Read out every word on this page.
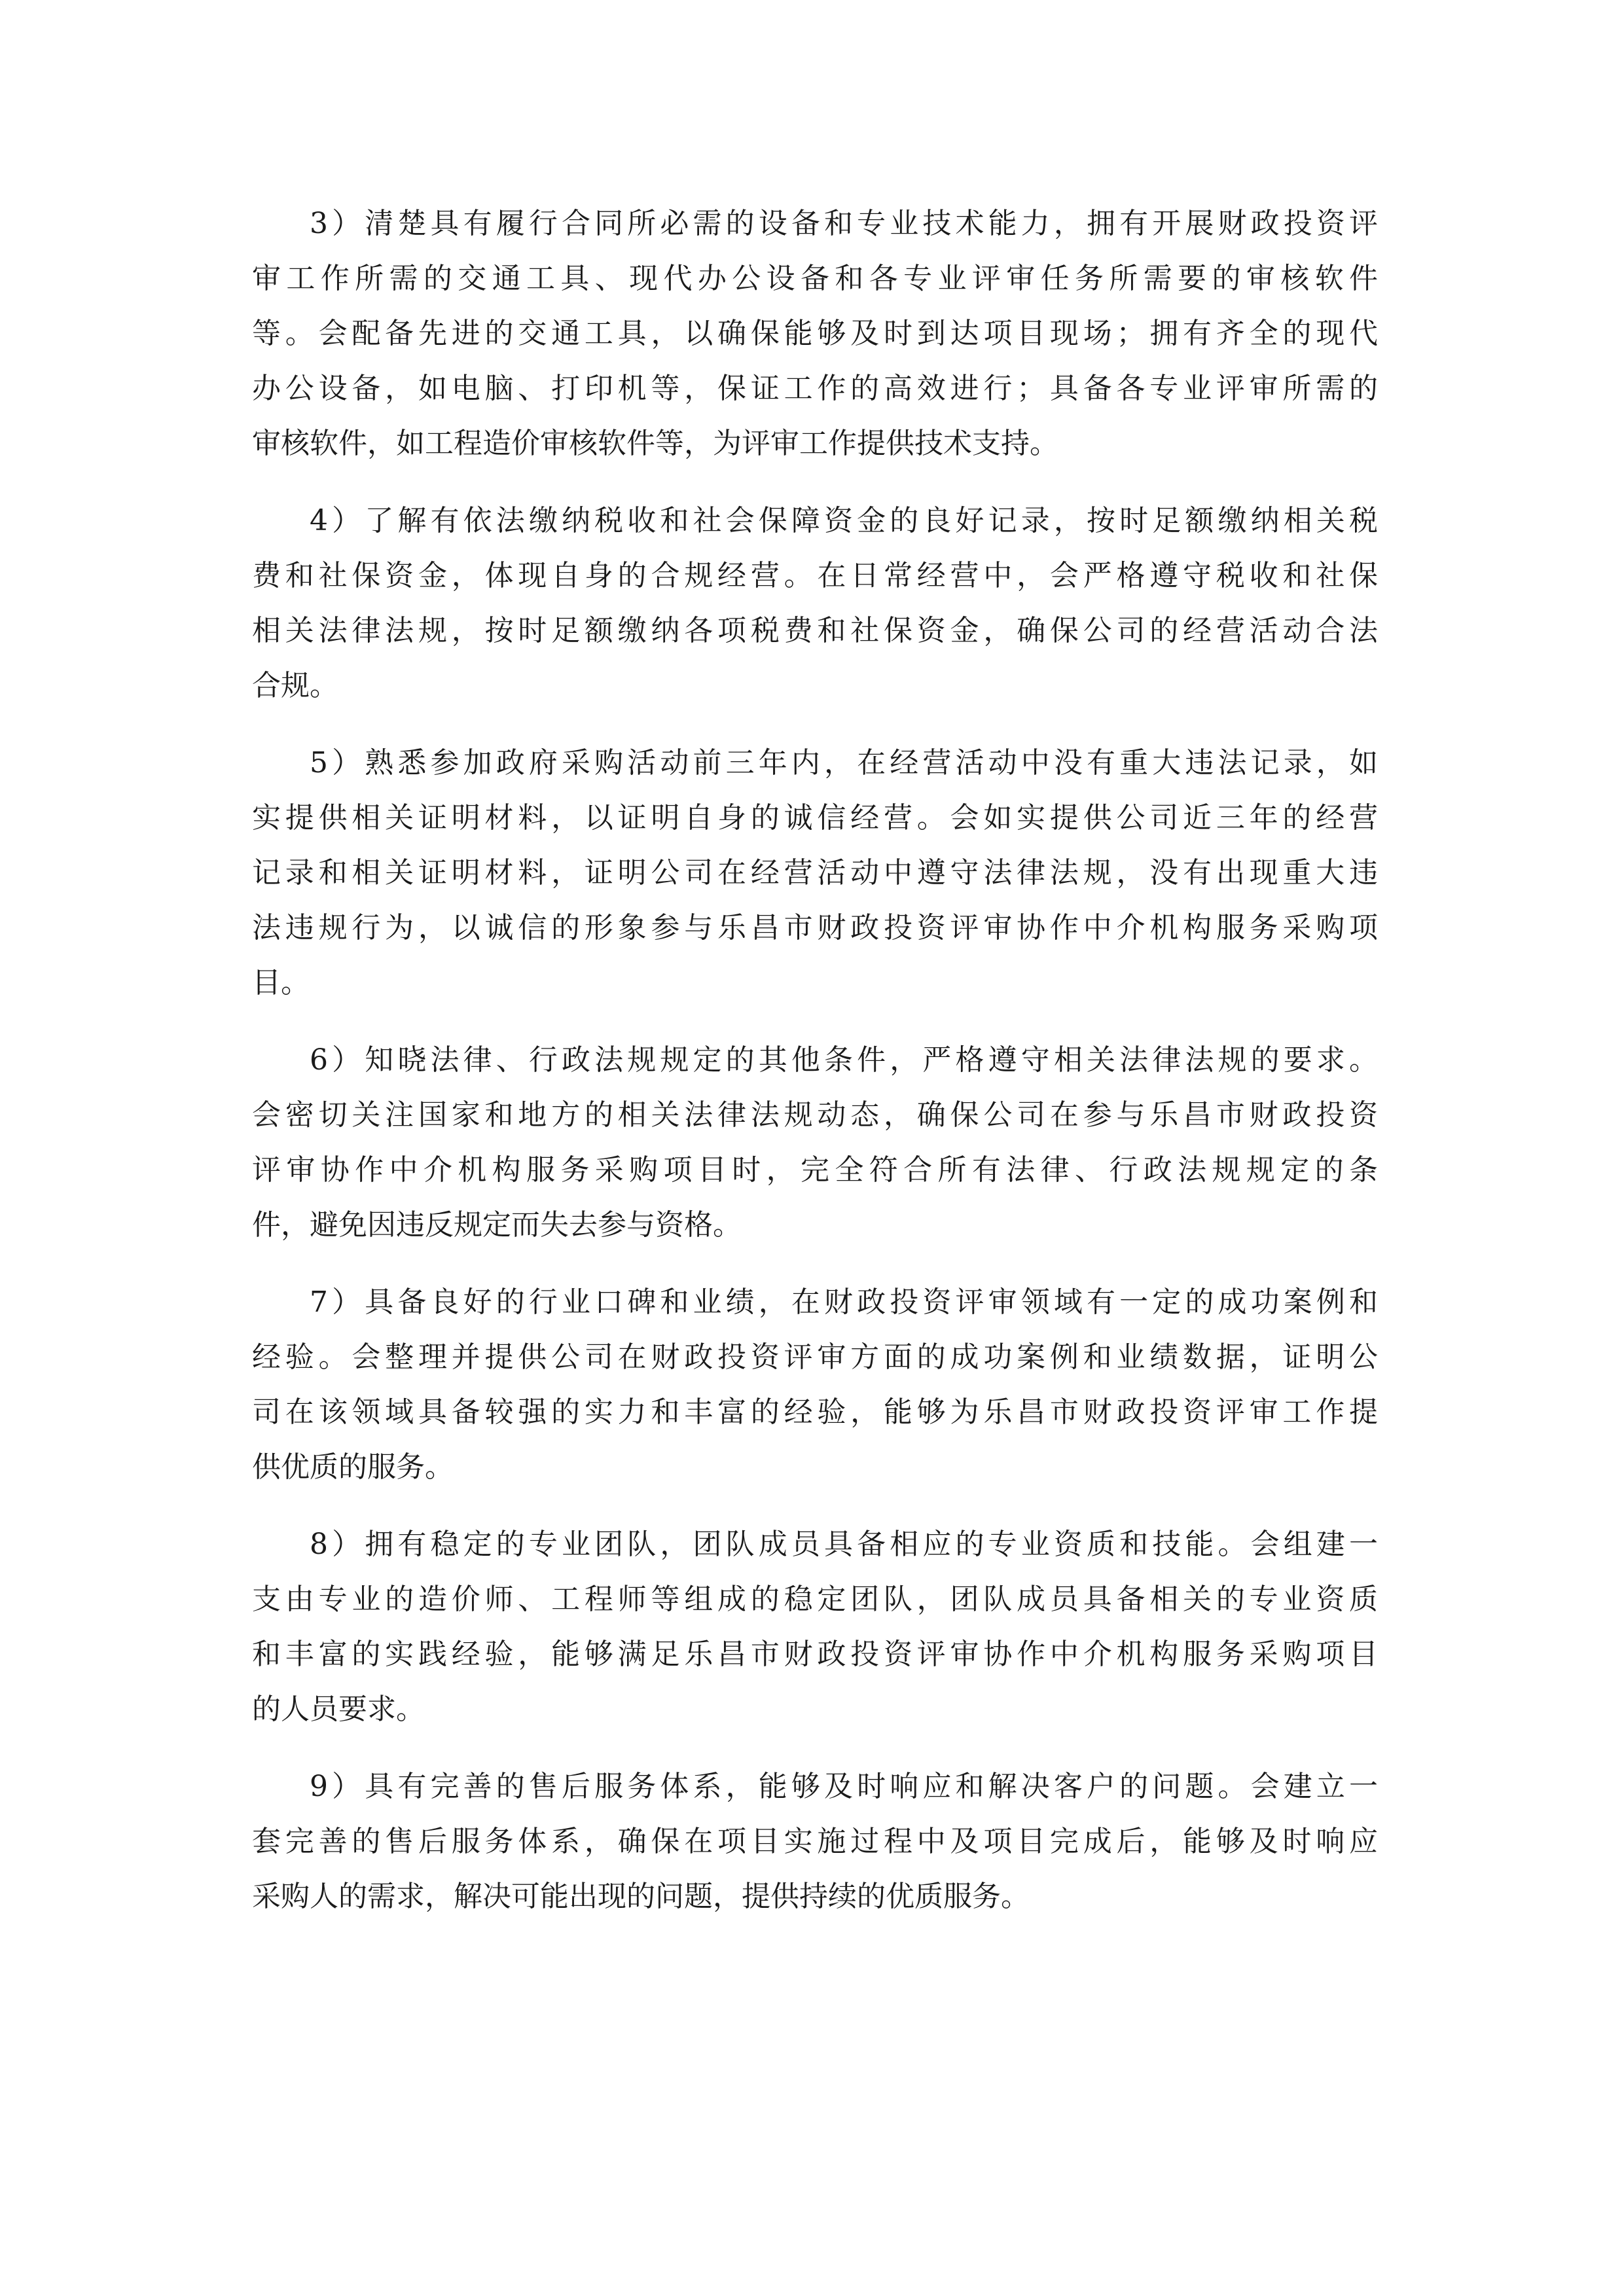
3）清楚具有履行合同所必需的设备和专业技术能力，拥有开展财政投资评
审工作所需的交通工具、现代办公设备和各专业评审任务所需要的审核软件
等。会配备先进的交通工具，以确保能够及时到达项目现场；拥有齐全的现代
办公设备，如电脑、打印机等，保证工作的高效进行；具备各专业评审所需的
审核软件，如工程造价审核软件等，为评审工作提供技术支持。
4）了解有依法缴纳税收和社会保障资金的良好记录，按时足额缴纳相关税
费和社保资金，体现自身的合规经营。在日常经营中，会严格遵守税收和社保
相关法律法规，按时足额缴纳各项税费和社保资金，确保公司的经营活动合法
合规。
5）熟悉参加政府采购活动前三年内，在经营活动中没有重大违法记录，如
实提供相关证明材料，以证明自身的诚信经营。会如实提供公司近三年的经营
记录和相关证明材料，证明公司在经营活动中遵守法律法规，没有出现重大违
法违规行为，以诚信的形象参与乐昌市财政投资评审协作中介机构服务采购项
目。
6）知晓法律、行政法规规定的其他条件，严格遵守相关法律法规的要求。
会密切关注国家和地方的相关法律法规动态，确保公司在参与乐昌市财政投资
评审协作中介机构服务采购项目时，完全符合所有法律、行政法规规定的条
件，避免因违反规定而失去参与资格。
7）具备良好的行业口碑和业绩，在财政投资评审领域有一定的成功案例和
经验。会整理并提供公司在财政投资评审方面的成功案例和业绩数据，证明公
司在该领域具备较强的实力和丰富的经验，能够为乐昌市财政投资评审工作提
供优质的服务。
8）拥有稳定的专业团队，团队成员具备相应的专业资质和技能。会组建一
支由专业的造价师、工程师等组成的稳定团队，团队成员具备相关的专业资质
和丰富的实践经验，能够满足乐昌市财政投资评审协作中介机构服务采购项目
的人员要求。
9）具有完善的售后服务体系，能够及时响应和解决客户的问题。会建立一
套完善的售后服务体系，确保在项目实施过程中及项目完成后，能够及时响应
采购人的需求，解决可能出现的问题，提供持续的优质服务。
